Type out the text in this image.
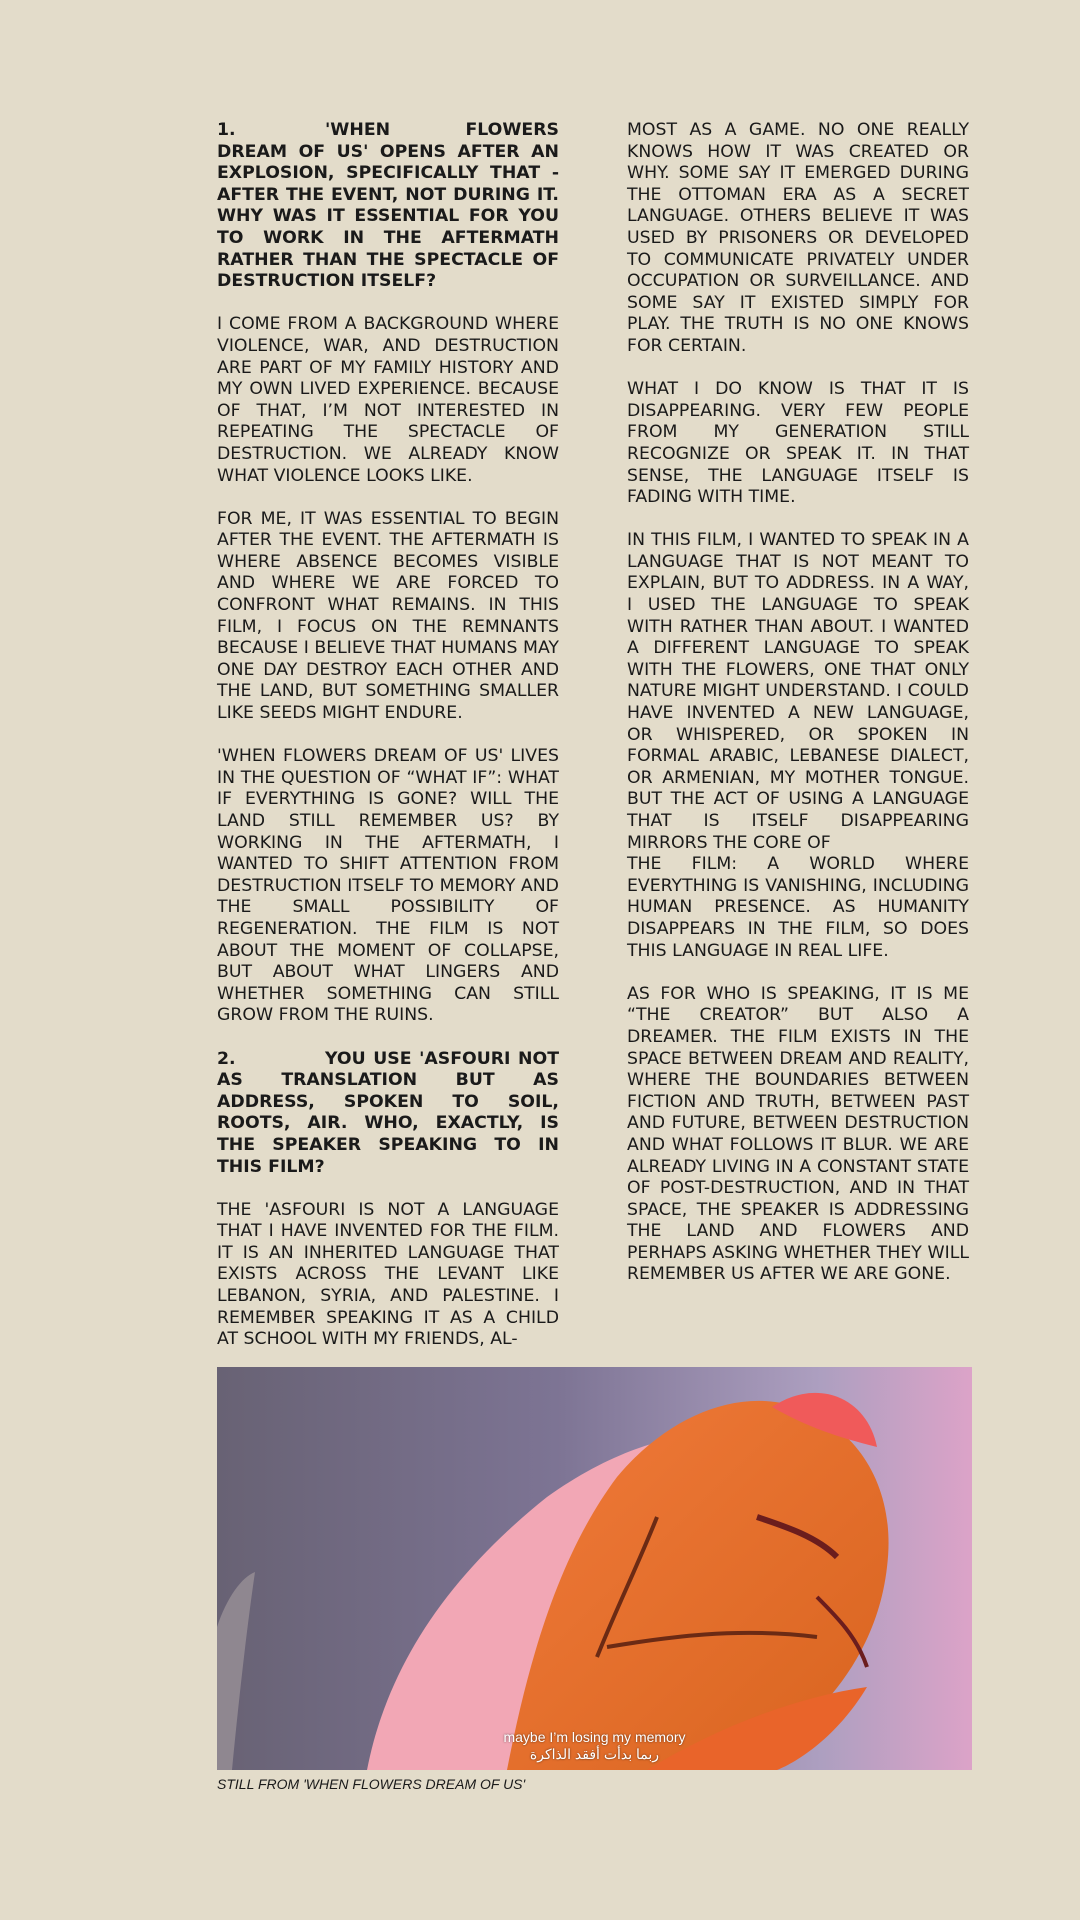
1.	'WHEN FLOWERS DREAM OF US' OPENS AFTER AN EXPLOSION, SPECIFICALLY THAT - AFTER THE EVENT, NOT DURING IT. WHY WAS IT ESSENTIAL FOR YOU TO WORK IN THE AFTERMATH RATHER THAN THE SPECTACLE OF DESTRUCTION ITSELF?

I COME FROM A BACKGROUND WHERE VIOLENCE, WAR, AND DESTRUCTION ARE PART OF MY FAMILY HISTORY AND MY OWN LIVED EXPERIENCE. BECAUSE OF THAT, I’M NOT INTERESTED IN REPEATING THE SPECTACLE OF DESTRUCTION. WE ALREADY KNOW WHAT VIOLENCE LOOKS LIKE.

FOR ME, IT WAS ESSENTIAL TO BEGIN AFTER THE EVENT. THE AFTERMATH IS WHERE ABSENCE BECOMES VISIBLE AND WHERE WE ARE FORCED TO CONFRONT WHAT REMAINS. IN THIS FILM, I FOCUS ON THE REMNANTS BECAUSE I BELIEVE THAT HUMANS MAY ONE DAY DESTROY EACH OTHER AND THE LAND, BUT SOMETHING SMALLER LIKE SEEDS MIGHT ENDURE.

'WHEN FLOWERS DREAM OF US' LIVES IN THE QUESTION OF “WHAT IF”: WHAT IF EVERYTHING IS GONE? WILL THE LAND STILL REMEMBER US? BY WORKING IN THE AFTERMATH, I WANTED TO SHIFT ATTENTION FROM DESTRUCTION ITSELF TO MEMORY AND THE SMALL POSSIBILITY OF REGENERATION. THE FILM IS NOT ABOUT THE MOMENT OF COLLAPSE, BUT ABOUT WHAT LINGERS AND WHETHER SOMETHING CAN STILL GROW FROM THE RUINS.

2.	YOU USE 'ASFOURI NOT AS TRANSLATION BUT AS ADDRESS, SPOKEN TO SOIL, ROOTS, AIR. WHO, EXACTLY, IS THE SPEAKER SPEAKING TO IN THIS FILM?

THE 'ASFOURI IS NOT A LANGUAGE THAT I HAVE INVENTED FOR THE FILM. IT IS AN INHERITED LANGUAGE THAT EXISTS ACROSS THE LEVANT LIKE LEBANON, SYRIA, AND PALESTINE. I REMEMBER SPEAKING IT AS A CHILD AT SCHOOL WITH MY FRIENDS, AL-

MOST AS A GAME. NO ONE REALLY KNOWS HOW IT WAS CREATED OR WHY. SOME SAY IT EMERGED DURING THE OTTOMAN ERA AS A SECRET LANGUAGE. OTHERS BELIEVE IT WAS USED BY PRISONERS OR DEVELOPED TO COMMUNICATE PRIVATELY UNDER OCCUPATION OR SURVEILLANCE. AND SOME SAY IT EXISTED SIMPLY FOR PLAY. THE TRUTH IS NO ONE KNOWS FOR CERTAIN.

WHAT I DO KNOW IS THAT IT IS DISAPPEARING. VERY FEW PEOPLE FROM MY GENERATION STILL RECOGNIZE OR SPEAK IT. IN THAT SENSE, THE LANGUAGE ITSELF IS FADING WITH TIME.

IN THIS FILM, I WANTED TO SPEAK IN A LANGUAGE THAT IS NOT MEANT TO EXPLAIN, BUT TO ADDRESS. IN A WAY, I USED THE LANGUAGE TO SPEAK WITH RATHER THAN ABOUT. I WANTED A DIFFERENT LANGUAGE TO SPEAK WITH THE FLOWERS, ONE THAT ONLY NATURE MIGHT UNDERSTAND. I COULD HAVE INVENTED A NEW LANGUAGE, OR WHISPERED, OR SPOKEN IN FORMAL ARABIC, LEBANESE DIALECT, OR ARMENIAN, MY MOTHER TONGUE. BUT THE ACT OF USING A LANGUAGE THAT IS ITSELF DISAPPEARING MIRRORS THE CORE OF

THE FILM: A WORLD WHERE EVERYTHING IS VANISHING, INCLUDING HUMAN PRESENCE. AS HUMANITY DISAPPEARS IN THE FILM, SO DOES THIS LANGUAGE IN REAL LIFE.

AS FOR WHO IS SPEAKING, IT IS ME “THE CREATOR” BUT ALSO A DREAMER. THE FILM EXISTS IN THE SPACE BETWEEN DREAM AND REALITY, WHERE THE BOUNDARIES BETWEEN FICTION AND TRUTH, BETWEEN PAST AND FUTURE, BETWEEN DESTRUCTION AND WHAT FOLLOWS IT BLUR. WE ARE ALREADY LIVING IN A CONSTANT STATE OF POST-DESTRUCTION, AND IN THAT SPACE, THE SPEAKER IS ADDRESSING THE LAND AND FLOWERS AND PERHAPS ASKING WHETHER THEY WILL REMEMBER US AFTER WE ARE GONE.

maybe I’m losing my memory
ربما بدأت أفقد الذاكرة
STILL FROM 'WHEN FLOWERS DREAM OF US'
